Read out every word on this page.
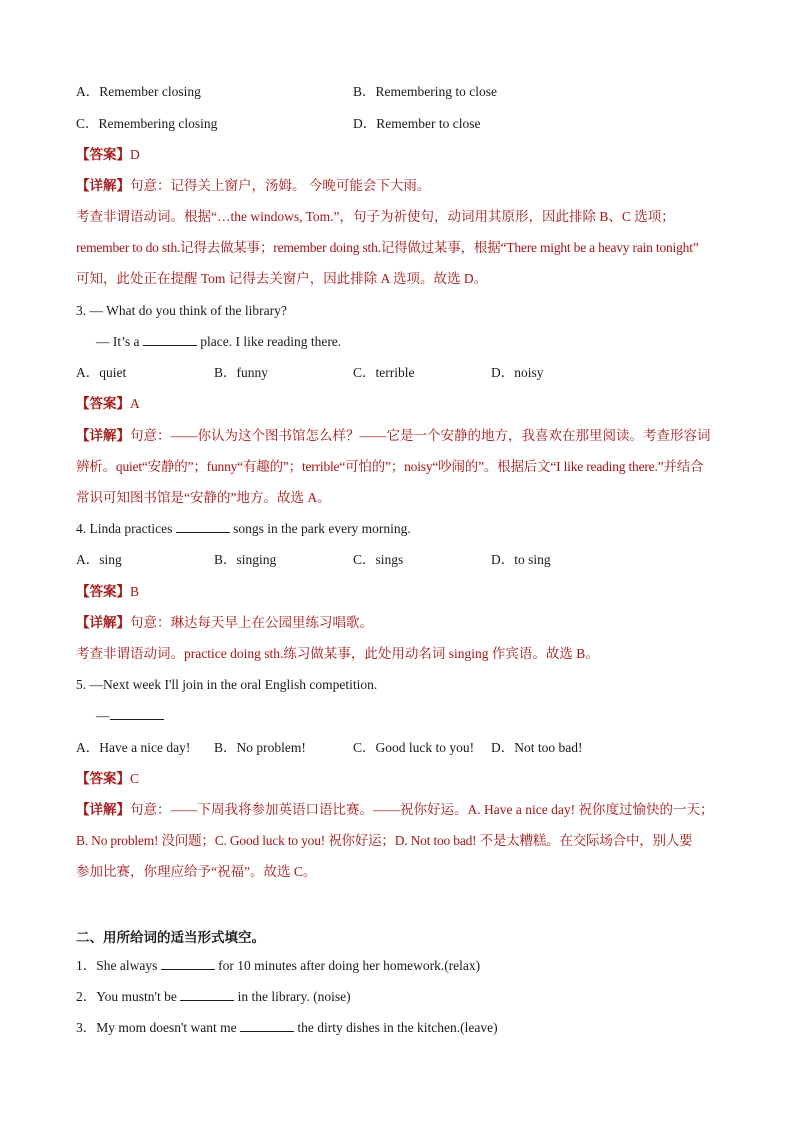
A．Remember closing	B．Remembering to close
C．Remembering closing	D．Remember to close
【答案】D
【详解】句意：记得关上窗户，汤姆。 今晚可能会下大雨。
考查非谓语动词。根据“…the windows, Tom.”，句子为祈使句，动词用其原形，因此排除 B、C 选项；
remember to do sth.记得去做某事；remember doing sth.记得做过某事，根据“There might be a heavy rain tonight”
可知，此处正在提醒 Tom 记得去关窗户，因此排除 A 选项。故选 D。
3. — What do you think of the library?
— It’s a	place. I like reading there.
A．quiet	B．funny	C．terrible	D．noisy
【答案】A
【详解】句意：——你认为这个图书馆怎么样？——它是一个安静的地方，我喜欢在那里阅读。考查形容词
辨析。quiet“安静的”；funny“有趣的”；terrible“可怕的”；noisy“吵闹的”。根据后文“I like reading there.”并结合
常识可知图书馆是“安静的”地方。故选 A。
4. Linda practices	songs in the park every morning.
A．sing	B．singing	C．sings	D．to sing
【答案】B
【详解】句意：琳达每天早上在公园里练习唱歌。
考查非谓语动词。practice doing sth.练习做某事，此处用动名词 singing 作宾语。故选 B。
5. —Next week I'll join in the oral English competition.
—
A．Have a nice day! B．No problem!	C．Good luck to you! D．Not too bad!
【答案】C
【详解】句意：——下周我将参加英语口语比赛。——祝你好运。A. Have a nice day! 祝你度过愉快的一天；
B. No problem! 没问题；C. Good luck to you! 祝你好运；D. Not too bad! 不是太糟糕。在交际场合中，别人要
参加比赛，你理应给予“祝福”。故选 C。
二、用所给词的适当形式填空。
1．She always	for 10 minutes after doing her homework.(relax)
2．You mustn't be	in the library. (noise)
3．My mom doesn't want me	the dirty dishes in the kitchen.(leave)
